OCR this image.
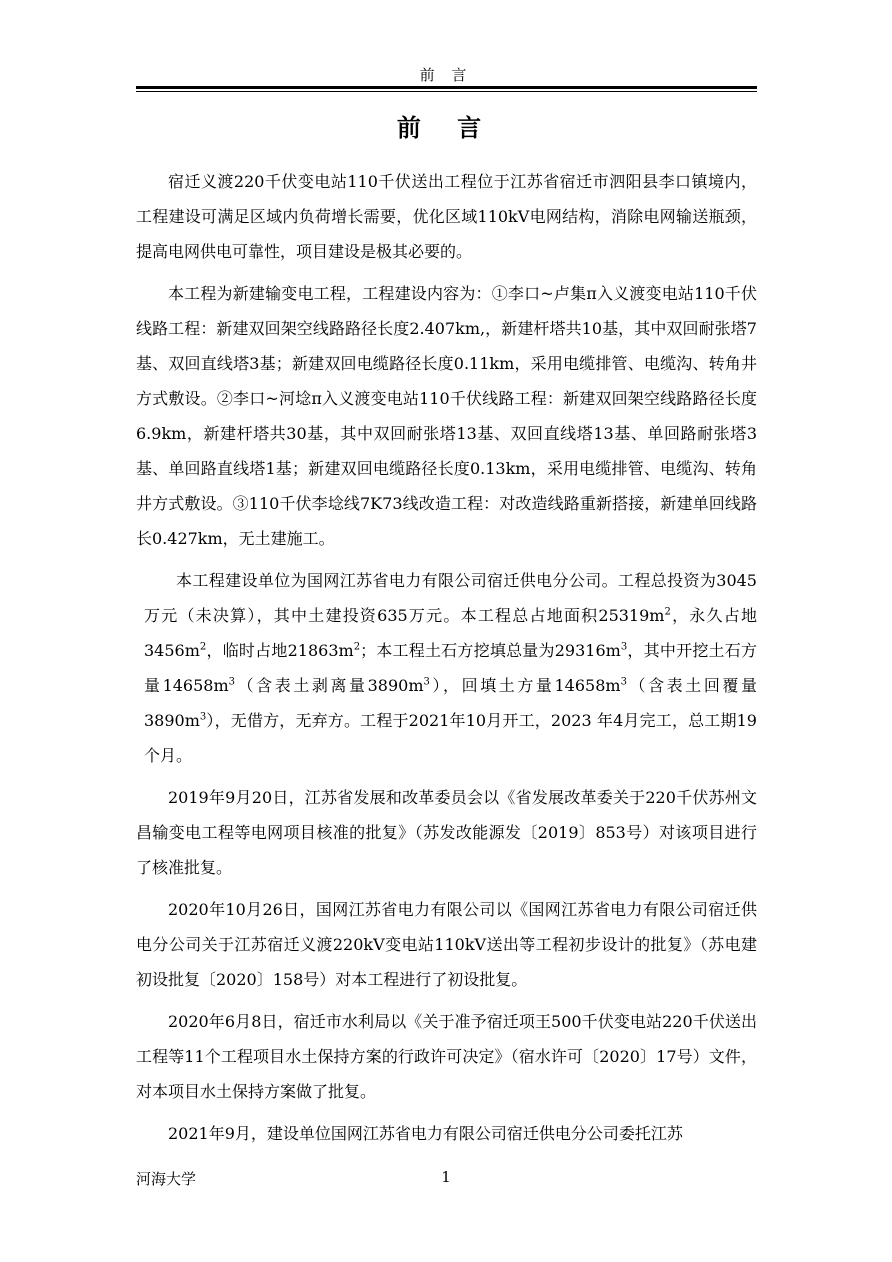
前 言
前 言

宿迁义渡220千伏变电站110千伏送出工程位于江苏省宿迁市泗阳县李口镇境内，工程建设可满足区域内负荷增长需要，优化区域110kV电网结构，消除电网输送瓶颈，提高电网供电可靠性，项目建设是极其必要的。

本工程为新建输变电工程，工程建设内容为：①李口~卢集π入义渡变电站110千伏线路工程：新建双回架空线路路径长度2.407km,，新建杆塔共10基，其中双回耐张塔7基、双回直线塔3基；新建双回电缆路径长度0.11km，采用电缆排管、电缆沟、转角井方式敷设。②李口~河埝π入义渡变电站110千伏线路工程：新建双回架空线路路径长度6.9km，新建杆塔共30基，其中双回耐张塔13基、双回直线塔13基、单回路耐张塔3基、单回路直线塔1基；新建双回电缆路径长度0.13km，采用电缆排管、电缆沟、转角井方式敷设。③110千伏李埝线7K73线改造工程：对改造线路重新搭接，新建单回线路长0.427km，无土建施工。

本工程建设单位为国网江苏省电力有限公司宿迁供电分公司。工程总投资为3045万元（未决算），其中土建投资635万元。本工程总占地面积$25319m^2$，永久占地$3456m^2$，临时占地$21863m^2$；本工程土石方挖填总量为$29316m^3$，其中开挖土石方量$14658m^3$（含表土剥离量$3890m^3$），回填土方量$14658m^3$（含表土回覆量$3890m^3$），无借方，无弃方。工程于2021年10月开工，2023 年4月完工，总工期19个月。

2019年9月20日，江苏省发展和改革委员会以《省发展改革委关于220千伏苏州文昌输变电工程等电网项目核准的批复》（苏发改能源发〔2019〕853号）对该项目进行了核准批复。

2020年10月26日，国网江苏省电力有限公司以《国网江苏省电力有限公司宿迁供电分公司关于江苏宿迁义渡220kV变电站110kV送出等工程初步设计的批复》（苏电建初设批复〔2020〕158号）对本工程进行了初设批复。

2020年6月8日，宿迁市水利局以《关于准予宿迁项王500千伏变电站220千伏送出工程等11个工程项目水土保持方案的行政许可决定》（宿水许可〔2020〕17号）文件，对本项目水土保持方案做了批复。

2021年9月，建设单位国网江苏省电力有限公司宿迁供电分公司委托江苏

河海大学	1
